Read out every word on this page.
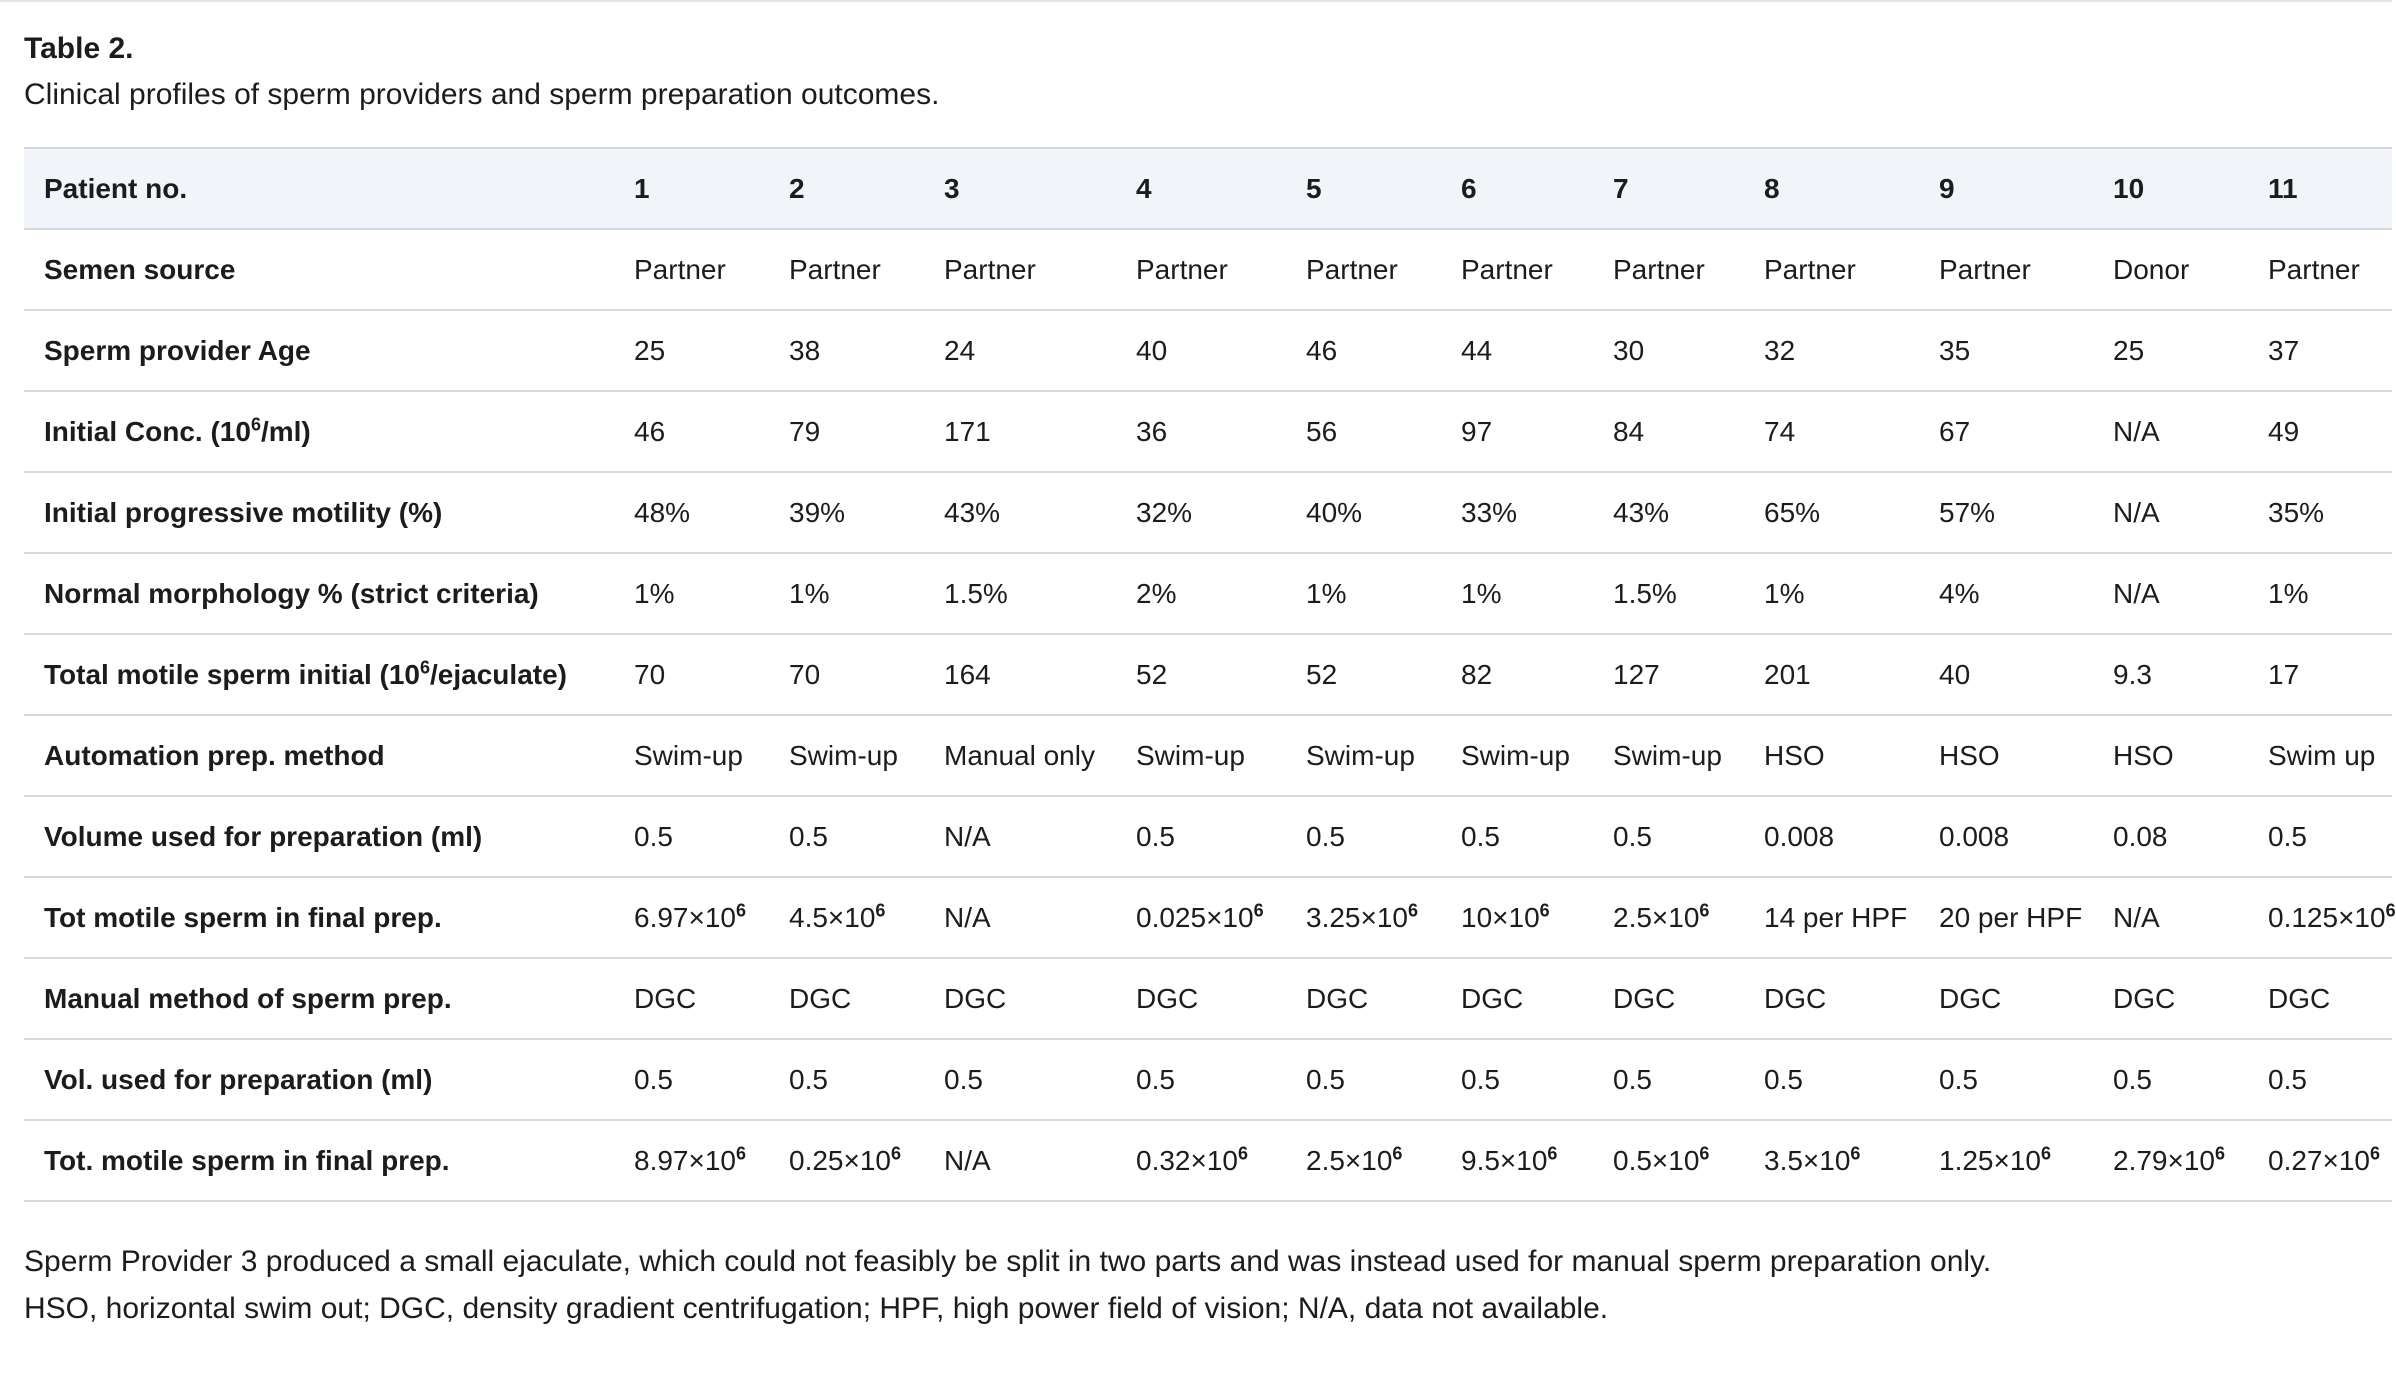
Table 2.

Clinical profiles of sperm providers and sperm preparation outcomes.

Patient no.	1	2	3	4	5	6	7	8	9	10	11
Semen source	Partner	Partner	Partner	Partner	Partner	Partner	Partner	Partner	Partner	Donor	Partner
Sperm provider Age	25	38	24	40	46	44	30	32	35	25	37
Initial Conc. $(10^6/ml)$	46	79	171	36	56	97	84	74	67	N/A	49
Initial progressive motility (%)	48%	39%	43%	32%	40%	33%	43%	65%	57%	N/A	35%
Normal morphology % (strict criteria)	1%	1%	1.5%	2%	1%	1%	1.5%	1%	4%	N/A	1%
Total motile sperm initial $(10^6/ejaculate)$	70	70	164	52	52	82	127	201	40	9.3	17
Automation prep. method	Swim-up	Swim-up	Manual only	Swim-up	Swim-up	Swim-up	Swim-up	HSO	HSO	HSO	Swim up
Volume used for preparation (ml)	0.5	0.5	N/A	0.5	0.5	0.5	0.5	0.008	0.008	0.08	0.5
Tot motile sperm in final prep.	$6.97\times 10^6$	$4.5\times 10^6$	N/A	$0.025\times 10^6$	$3.25\times 10^6$	$10\times 10^6$	$2.5\times 10^6$	14 per HPF	20 per HPF	N/A	$0.125\times 10^6$
Manual method of sperm prep.	DGC	DGC	DGC	DGC	DGC	DGC	DGC	DGC	DGC	DGC	DGC
Vol. used for preparation (ml)	0.5	0.5	0.5	0.5	0.5	0.5	0.5	0.5	0.5	0.5	0.5
Tot. motile sperm in final prep.	$8.97\times 10^6$	$0.25\times 10^6$	N/A	$0.32\times 10^6$	$2.5\times 10^6$	$9.5\times 10^6$	$0.5\times 10^6$	$3.5\times 10^6$	$1.25\times 10^6$	$2.79\times 10^6$	$0.27\times 10^6$

Sperm Provider 3 produced a small ejaculate, which could not feasibly be split in two parts and was instead used for manual sperm preparation only.

HSO, horizontal swim out; DGC, density gradient centrifugation; HPF, high power field of vision; N/A, data not available.
